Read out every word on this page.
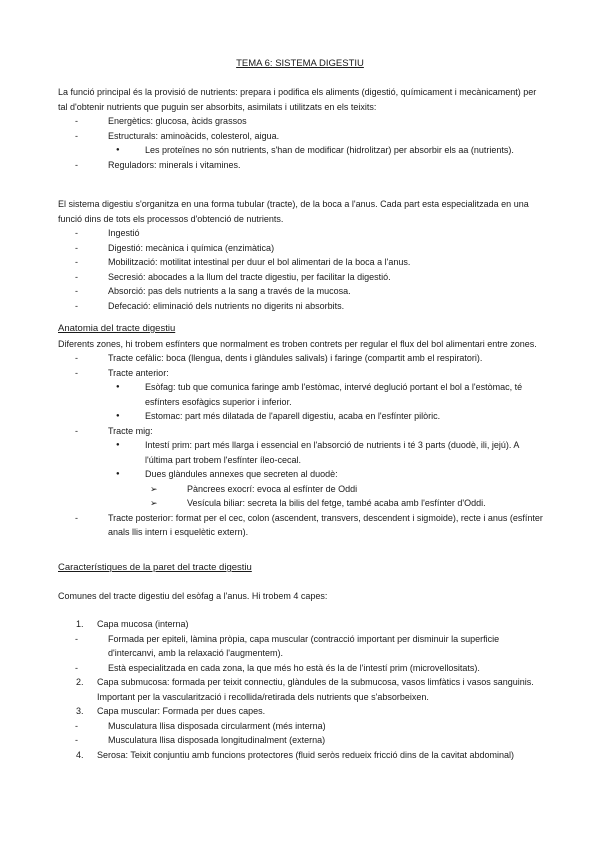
TEMA 6: SISTEMA DIGESTIU

La funció principal és la provisió de nutrients: prepara i podifica els aliments (digestió, químicament i mecànicament) per tal d'obtenir nutrients que puguin ser absorbits, asimilats i utilitzats en els teixits:

- Energètics: glucosa, àcids grassos
- Estructurals: aminoàcids, colesterol, aigua.
● Les proteïnes no són nutrients, s'han de modificar (hidrolitzar) per absorbir els aa (nutrients).
- Reguladors: minerals i vitamines.

El sistema digestiu s'organitza en una forma tubular (tracte), de la boca a l'anus. Cada part esta especialitzada en una funció dins de tots els processos d'obtenció de nutrients.

- Ingestió
- Digestió: mecànica i química (enzimàtica)
- Mobilització: motilitat intestinal per duur el bol alimentari de la boca a l'anus.
- Secresió: abocades a la llum del tracte digestiu, per facilitar la digestió.
- Absorció: pas dels nutrients a la sang a través de la mucosa.
- Defecació: eliminació dels nutrients no digerits ni absorbits.

Anatomia del tracte digestiu

Diferents zones, hi trobem esfínters que normalment es troben contrets per regular el flux del bol alimentari entre zones.

- Tracte cefàlic: boca (llengua, dents i glàndules salivals) i faringe (compartit amb el respiratori).
- Tracte anterior:
● Esòfag: tub que comunica faringe amb l'estòmac, intervé deglució portant el bol a l'estòmac, té esfínters esofàgics superior i inferior.
● Estomac: part més dilatada de l'aparell digestiu, acaba en l'esfínter pilòric.
- Tracte mig:
● Intestí prim: part més llarga i essencial en l'absorció de nutrients i té 3 parts (duodè, ili, jejú). A l'última part trobem l'esfínter íleo-cecal.
● Dues glàndules annexes que secreten al duodè:
➢ Pàncrees exocrí: evoca al esfínter de Oddi
➢ Vesícula biliar: secreta la bilis del fetge, també acaba amb l'esfínter d'Oddi.
- Tracte posterior: format per el cec, colon (ascendent, transvers, descendent i sigmoide), recte i anus (esfínter anals llis intern i esquelètic extern).

Característiques de la paret del tracte digestiu

Comunes del tracte digestiu del esòfag a l'anus. Hi trobem 4 capes:

1. Capa mucosa (interna)
- Formada per epiteli, làmina pròpia, capa muscular (contracció important per disminuir la superficie d'intercanvi, amb la relaxació l'augmentem).
- Està especialitzada en cada zona, la que més ho està és la de l'intestí prim (microvellositats).
2. Capa submucosa: formada per teixit connectiu, glàndules de la submucosa, vasos limfàtics i vasos sanguinis. Important per la vascularització i recollida/retirada dels nutrients que s'absorbeixen.
3. Capa muscular: Formada per dues capes.
- Musculatura llisa disposada circularment (més interna)
- Musculatura llisa disposada longitudinalment (externa)
4. Serosa: Teixit conjuntiu amb funcions protectores (fluid seròs redueix fricció dins de la cavitat abdominal)
